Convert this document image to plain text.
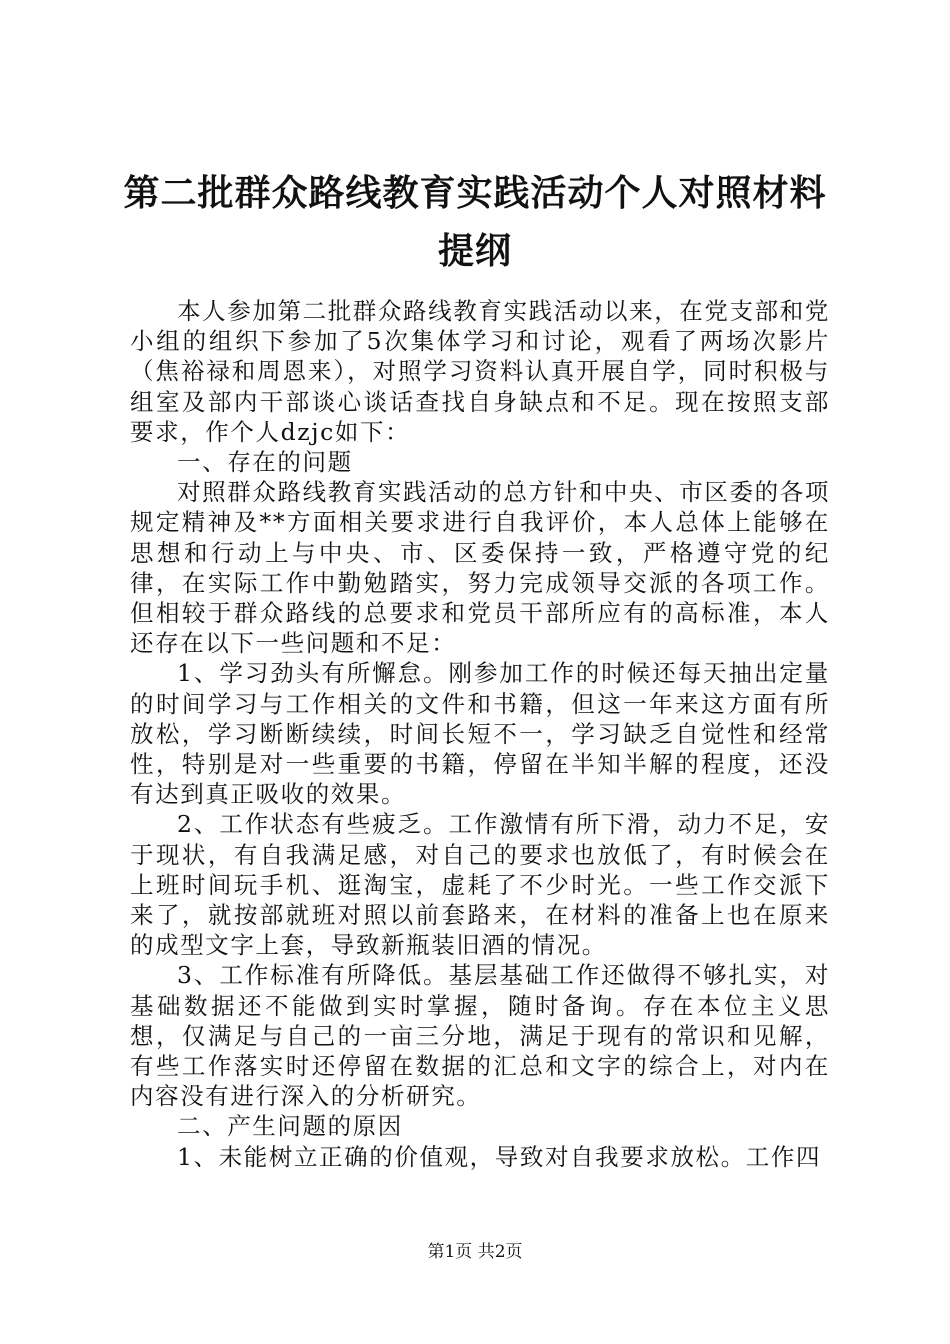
第二批群众路线教育实践活动个人对照材料提纲

本人参加第二批群众路线教育实践活动以来，在党支部和党小组的组织下参加了5次集体学习和讨论，观看了两场次影片（焦裕禄和周恩来），对照学习资料认真开展自学，同时积极与组室及部内干部谈心谈话查找自身缺点和不足。现在按照支部要求，作个人dzjc如下：

一、存在的问题

对照群众路线教育实践活动的总方针和中央、市区委的各项规定精神及**方面相关要求进行自我评价，本人总体上能够在思想和行动上与中央、市、区委保持一致，严格遵守党的纪律，在实际工作中勤勉踏实，努力完成领导交派的各项工作。但相较于群众路线的总要求和党员干部所应有的高标准，本人还存在以下一些问题和不足：

1、学习劲头有所懈怠。刚参加工作的时候还每天抽出定量的时间学习与工作相关的文件和书籍，但这一年来这方面有所放松，学习断断续续，时间长短不一，学习缺乏自觉性和经常性，特别是对一些重要的书籍，停留在半知半解的程度，还没有达到真正吸收的效果。

2、工作状态有些疲乏。工作激情有所下滑，动力不足，安于现状，有自我满足感，对自己的要求也放低了，有时候会在上班时间玩手机、逛淘宝，虚耗了不少时光。一些工作交派下来了，就按部就班对照以前套路来，在材料的准备上也在原来的成型文字上套，导致新瓶装旧酒的情况。

3、工作标准有所降低。基层基础工作还做得不够扎实，对基础数据还不能做到实时掌握，随时备询。存在本位主义思想，仅满足与自己的一亩三分地，满足于现有的常识和见解，有些工作落实时还停留在数据的汇总和文字的综合上，对内在内容没有进行深入的分析研究。

二、产生问题的原因

1、未能树立正确的价值观，导致对自我要求放松。工作四

第1页 共2页
